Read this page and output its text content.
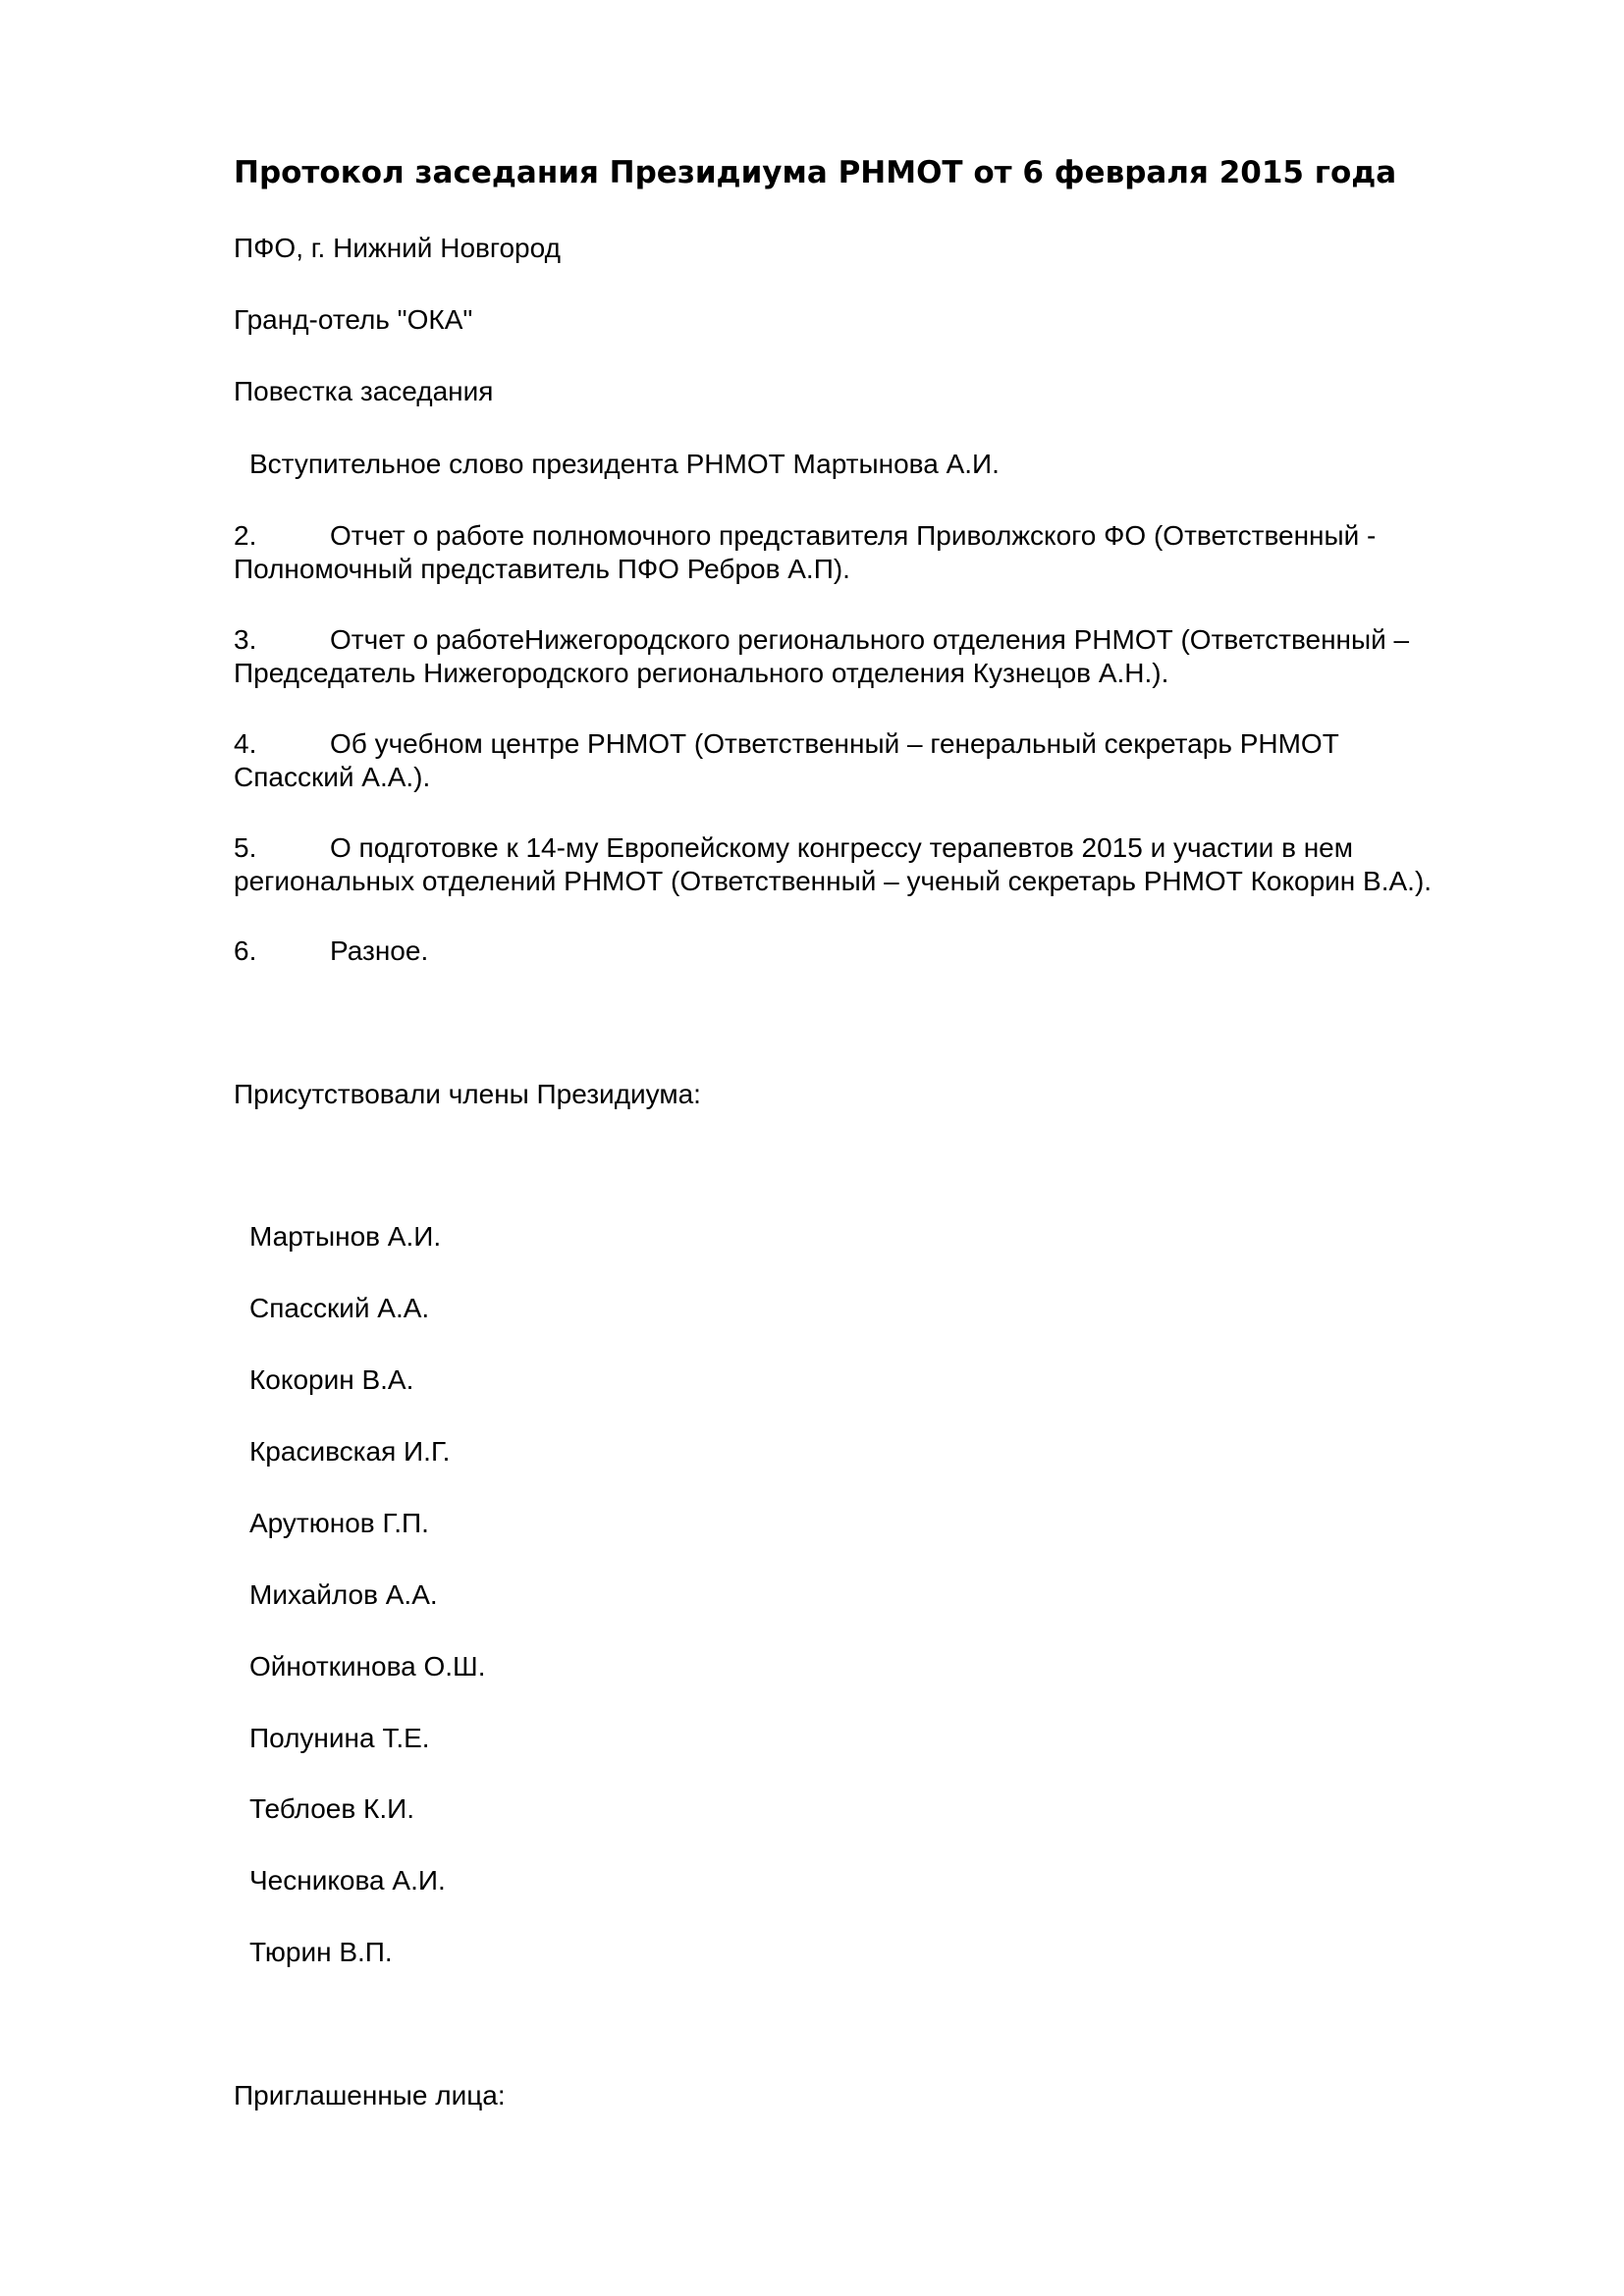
Протокол заседания Президиума РНМОТ от 6 февраля 2015 года

ПФО, г. Нижний Новгород

Гранд-отель "ОКА"

Повестка заседания

Вступительное слово президента РНМОТ Мартынова А.И.

2.	Отчет о работе полномочного представителя Приволжского ФО (Ответственный -
Полномочный представитель ПФО Ребров А.П).
3.	Отчет о работеНижегородского регионального отделения РНМОТ (Ответственный –
Председатель Нижегородского регионального отделения Кузнецов А.Н.).
4.	Об учебном центре РНМОТ (Ответственный – генеральный секретарь РНМОТ
Спасский А.А.).
5.	О подготовке к 14-му Европейскому конгрессу терапевтов 2015 и участии в нем
региональных отделений РНМОТ (Ответственный – ученый секретарь РНМОТ Кокорин В.А.).
6.	Разное.

Присутствовали члены Президиума:

Мартынов А.И.

Спасский А.А.

Кокорин В.А.

Красивская И.Г.

Арутюнов Г.П.

Михайлов А.А.

Ойноткинова О.Ш.

Полунина Т.Е.

Теблоев К.И.

Чесникова А.И.

Тюрин В.П.

Приглашенные лица:
